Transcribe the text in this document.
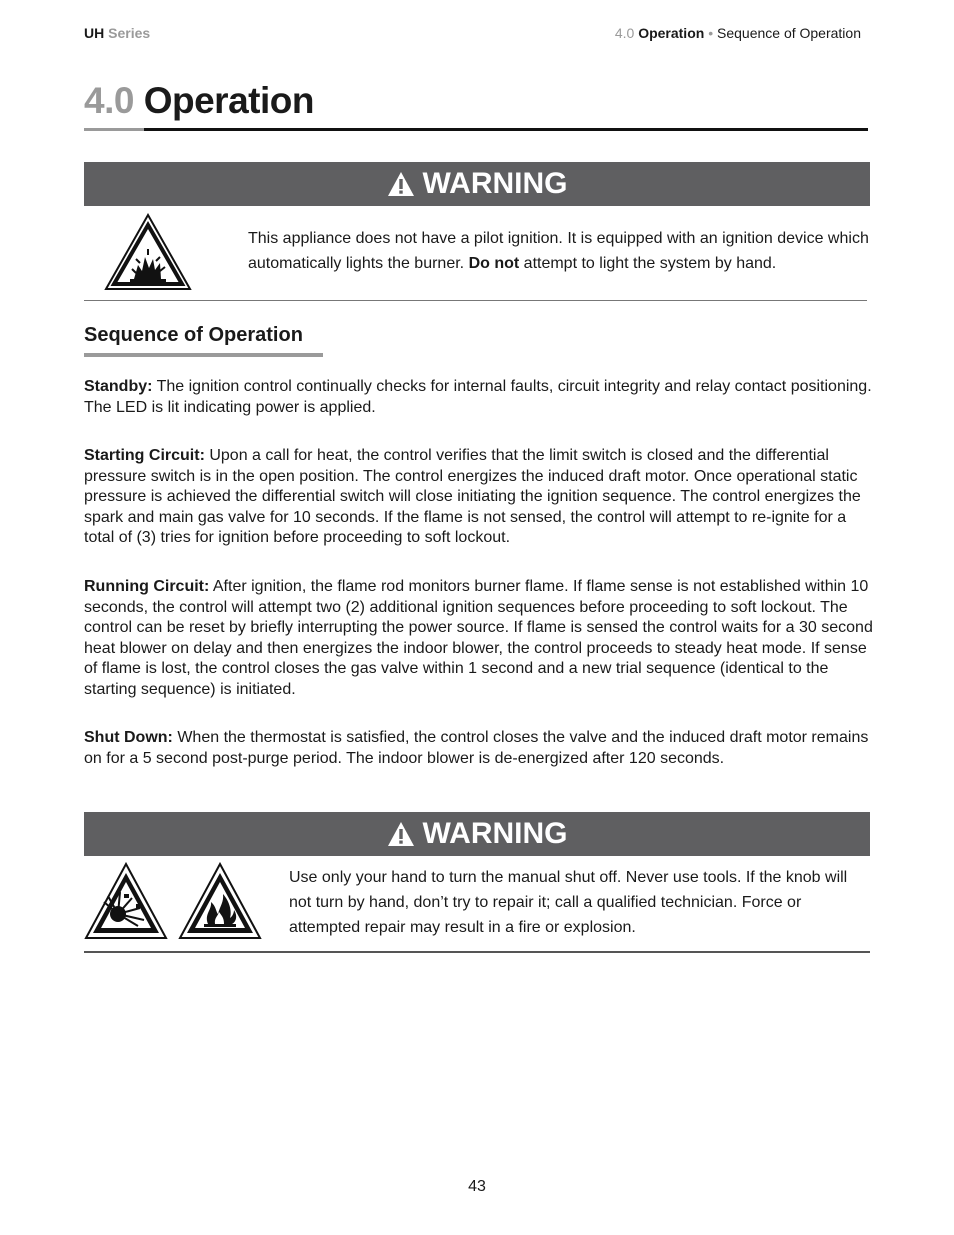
UH Series	4.0 Operation • Sequence of Operation
4.0 Operation
WARNING
This appliance does not have a pilot ignition. It is equipped with an ignition device which automatically lights the burner. Do not attempt to light the system by hand.
Sequence of Operation
Standby: The ignition control continually checks for internal faults, circuit integrity and relay contact positioning. The LED is lit indicating power is applied.
Starting Circuit: Upon a call for heat, the control verifies that the limit switch is closed and the differential pressure switch is in the open position. The control energizes the induced draft motor. Once operational static pressure is achieved the differential switch will close initiating the ignition sequence. The control energizes the spark and main gas valve for 10 seconds. If the flame is not sensed, the control will attempt to re-ignite for a total of (3) tries for ignition before proceeding to soft lockout.
Running Circuit: After ignition, the flame rod monitors burner flame. If flame sense is not established within 10 seconds, the control will attempt two (2) additional ignition sequences before proceeding to soft lockout. The control can be reset by briefly interrupting the power source. If flame is sensed the control waits for a 30 second heat blower on delay and then energizes the indoor blower, the control proceeds to steady heat mode. If sense of flame is lost, the control closes the gas valve within 1 second and a new trial sequence (identical to the starting sequence) is initiated.
Shut Down: When the thermostat is satisfied, the control closes the valve and the induced draft motor remains on for a 5 second post-purge period. The indoor blower is de-energized after 120 seconds.
WARNING
Use only your hand to turn the manual shut off. Never use tools. If the knob will not turn by hand, don’t try to repair it; call a qualified technician. Force or attempted repair may result in a fire or explosion.
43
